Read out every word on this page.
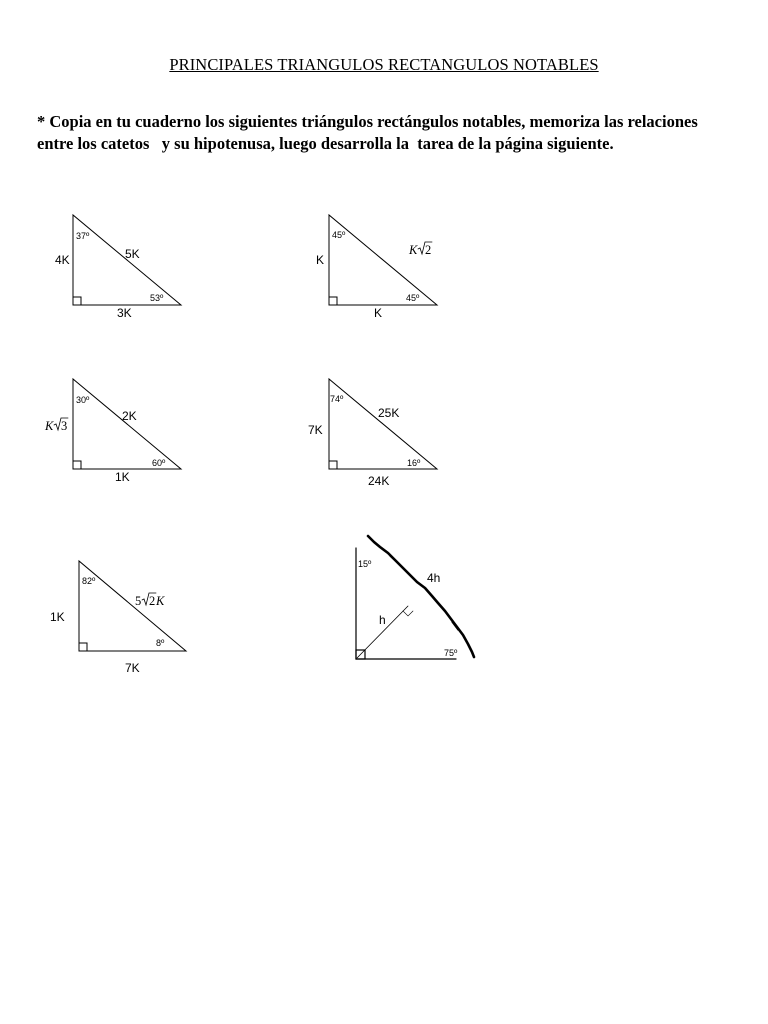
PRINCIPALES TRIANGULOS RECTANGULOS NOTABLES
* Copia en tu cuaderno los siguientes triángulos rectángulos notables, memoriza las relaciones
entre los catetos   y su hipotenusa, luego desarrolla la  tarea de la página siguiente.
37º
53º
4K
3K
5K
45º
45º
K
K
K 2
30º
60º
K 3
1K
2K
74º
16º
7K
24K
25K
82º
8º
1K
7K
5 2 K
15º
75º
4h
h
